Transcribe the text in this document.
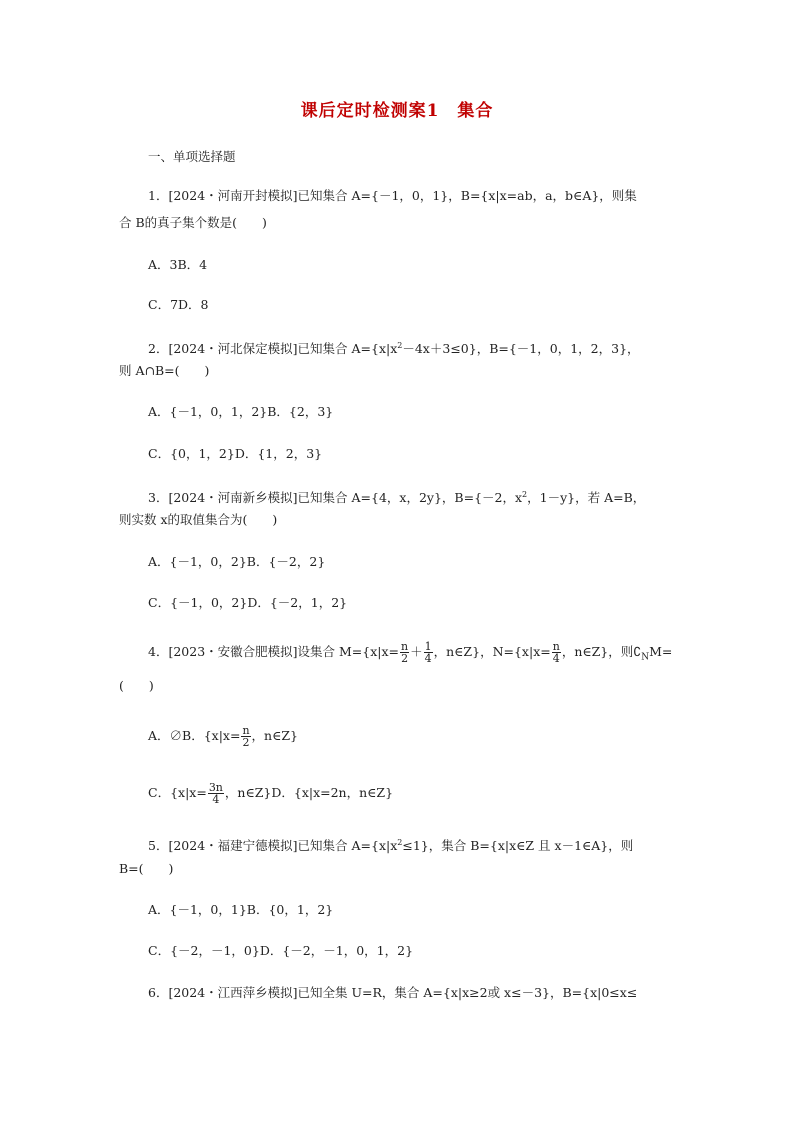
课后定时检测案1　集合
一、单项选择题
1．[2024・河南开封模拟]已知集合 A={－1，0，1}，B={x|x=ab，a，b∈A}，则集
合 B的真子集个数是(　　)
A．3B．4
C．7D．8
2．[2024・河北保定模拟]已知集合 $A=\{x|x^2-4x+3\le 0\}$，B={－1，0，1，2，3}，
则 A∩B=(　　)
A．{－1，0，1，2}B．{2，3}
C．{0，1，2}D．{1，2，3}
3．[2024・河南新乡模拟]已知集合 A={4，x，2y}，B={－2，$x^2$，1－y}，若 A=B，
则实数 x的取值集合为(　　)
A．{－1，0，2}B．{－2，2}
C．{－1，0，2}D．{－2，1，2}
4．[2023・安徽合肥模拟]设集合 $M=\{x|x= \frac{n}{2} + \frac{1}{4}$ ，n∈Z}，$N=\{x|x= \frac{n}{4}$ ，n∈Z}，则$∁_NM=$
(　　)
A．∅B．{$x|x= \frac{n}{2}$ ，n∈Z}
C．{$x|x= \frac{3n}{4}$ ，n∈Z}D．{x|x=2n，n∈Z}
5．[2024・福建宁德模拟]已知集合 $A=\{x|x^2\le 1\}$，集合 B={x|x∈Z 且 x－1∈A}，则
B=(　　)
A．{－1，0，1}B．{0，1，2}
C．{－2，－1，0}D．{－2，－1，0，1，2}
6．[2024・江西萍乡模拟]已知全集 U=R，集合 A={x|x≥2或 x≤－3}，B={x|0≤x≤
